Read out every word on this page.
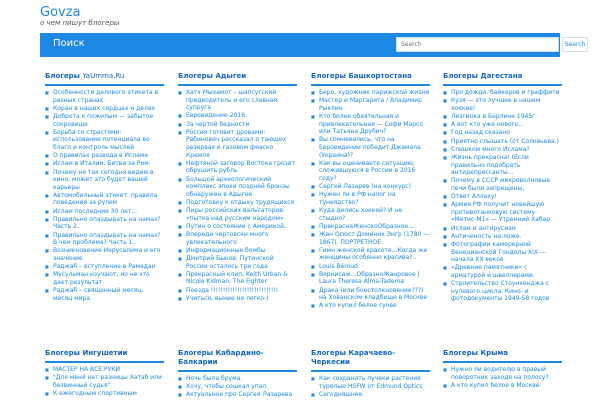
Govza
о чем пишут блогеры
Поиск
Search	Search
Блогеры YaUmma.Ru
■ Особенности делового этикета в разных странах
■ Коран в наших сердцах и делах
■ Доброта к пожилым — забытое сокровище
■ Борьба со страстями: использование потенциала во благо и контроль мыслей
■ О правилах развода в Исламе
■ Ислам в Италии. Битва за Рим.
■ Почему не так сегодня видим в кино, может это будет вашей карьеры
■ Автомобильный этикет: правила поведения за рулем
■ Ислам последние 30 лет...
■ Правильно опаздывать на намаз? Часть 2.
■ Правильно опаздывать на намаз? В чем проблема? Часть 1.
■ Возникновение Иерусалима и его значение
■ Раджаб – вступление в Рамадан
■ Мусульман изучают, но не это дает результат
■ Раджаб – священный месяц, месяц мира
Блогеры Адыгеи
■ Хатх Мыхамот – шапсугский предводитель и его славная супруга
■ Евровидение-2016.
■ За чертой бедности
■ Россия готовит дровами: Рабинович рассказал о тающих резервах и газовом фиаско Кремля
■ Нефтяной заговор Востока грозит обрушить рубль
■ Большой археологический комплекс эпохи поздней бронзы обнаружен в Адыгее.
■ Подготовку к отдыху трудящихся
■ Пиры российских вальсаторов: «пытка над русским народом»
■ Путин о состоянии с Америкой..
■ Впереди чертовски много увлекательного
■ Информационные бомбы
■ Дмитрий Быков: Путинской России осталось три года
■ Прекрасный клип. Keith Urban & Nicole Kidman: The Fighter
■ Поезда !!!!!!!!!!!!!!!!!!!!!!!!!!!!
■ Учиться, выние не легко-)
Блогеры Башкортостана
■ Беро, художник парижской жизни
■ Мастер и Маргарита / Владимир Рыклин
■ Кто более обаятельная и привлекательная — Софи Марсо или Татьяна Друбич?
■ Вы сомневались, что на Евровидении победит Джамала (Украина)?
■ Как вы оцениваете ситуацию, сложившуюся в России в 2016 году?
■ Сергей Лазарев (на конкурс)
■ Нужен ли в РФ налог на тунеядство?
■ Куда делись хоккей? И не стыдно?
■ ПрекраснаЖенскоОбразное...
■ Жан Огюст Доминик Энгр (1780 — 1867). ПОРТРЕТНОЕ
■ Гимн женской красоте...Когда же женщины особенно красива?..
■ Louis Béroud
■ Вернисаж...ОбразноЖанровое | Laura Theresa Alma-Tadema
■ Дракa (или боестолкновение???) на Хованском кладбище в Москве
■ А кто купил белое суове
Блогеры Дагестана
■ Про дожди, байкеров и граффити
■ Кузя — это лучшее в нашем хоккее!
■ Лезгинка в Берлине 1945г
■ А вот кто уже нового...
■ Год назад сказано
■ Приятно слышать (от Соловьева.)
■ Слишком много Ислама?
■ Жизнь прекрасна! (Если правильно подобрать антидепрессанты...
■ Почему в СССР микроволновые печи были запрещены,
■ Ответ Аллаху!
■ Армия РФ получит новейшую противотанковую систему «Метис-М1» — Утренний Хабар
■ Ислам и антирусизм
■ Античеность на ложе.
■ Фотографии камерерной Венецианской Гондолы XIX — начала XX веков
■ «Древние памятники» с арматурой и швеллерами.
■ Строительство Стоунхенджа с нулевого цикла. Кино- и фотодокументы 1949-58 годов
Блогеры Ингушетии
■ МАСТЕР НА ВСЕ РУКИ
■ "Для меня нет разницы Хатаб или безвинный судья"
■ К ежегодным спортивным
Блогеры Кабардино-Балкарии
■ Ночь была брума.
■ Хочу, чтобы сошкал упал
■ Актуальное про Сергея Лазарева
Блогеры Карачаево-Черкесии
■ Как сохранить пучеки растения турелью HSFW от Edmund Optics
■ Сегодняшнее
Блогеры Крыма
■ Нужно ли водителю в правый поворотник заходя на полосу?
■ А кто купил белое в Москве.
